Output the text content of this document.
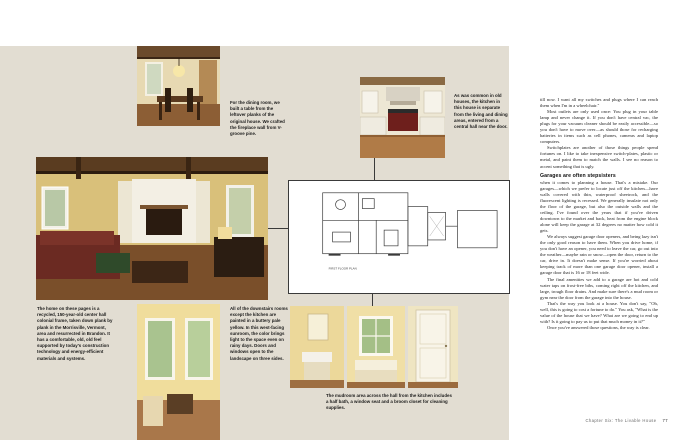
For the dining room, we built a table from the leftover planks of the original house. We crafted the fireplace wall from V-groove pine.

As was common in old houses, the kitchen in this house is separate from the living and dining areas, entered from a central hall near the door.

The home on these pages is a recycled, 150-year-old center hall colonial frame, taken down plank by plank in the Morrisville, Vermont, area and resurrected in Brandon. It has a comfortable, old, old feel supported by today's construction technology and energy-efficient materials and systems.

All of the downstairs rooms except the kitchen are painted in a buttery pale yellow. In this west-facing sunroom, the color brings light to the space even on rainy days. Doors and windows open to the landscape on three sides.

The mudroom area across the hall from the kitchen includes a half bath, a window seat and a broom closet for cleaning supplies.

FIRST FLOOR PLAN

till now. I want all my switches and plugs where I can reach them when I'm in a wheelchair."

Most outlets are only used once: You plug in your table lamp and never change it. If you don't have central vac, the plugs for your vacuum cleaner should be easily accessible—so you don't have to move over—as should those for recharging batteries in items such as cell phones, cameras and laptop computers.

Switchplates are another of those things people spend fortunes on. I like to take inexpensive switch-plates, plastic or metal, and paint them to match the walls. I see no reason to accent something that is ugly.

Garages are often stepsisters

when it comes to planning a house. That's a mistake. Our garages—which we prefer to locate just off the kitchen—have walls covered with thin, waterproof sheetrock, and the fluorescent lighting is recessed. We generally insulate not only the floor of the garage, but also the outside walls and the ceiling. I've found over the years that if you've driven downtown to the market and back, heat from the engine block alone will keep the garage at 32 degrees no matter how cold it gets.

We always suggest garage door openers, and being lazy isn't the only good reason to have them. When you drive home, if you don't have an opener, you need to leave the car, go out into the weather—maybe rain or snow—open the door, return to the car, drive in. It doesn't make sense. If you're worried about keeping track of more than one garage door opener, install a garage door that is 16 or 18 feet wide.

The final amenities we add to a garage are hot and cold water taps on frost-free bibs, coming right off the kitchen, and large, trough floor drains. And make sure there's a mud room or gym near the door from the garage into the house.

That's the way you look at a house. You don't say, "Oh, well, this is going to cost a fortune to do." You ask, "What is the value of the house that we have? What are we going to end up with? Is it going to pay us to put that much money in it?"

Once you've answered those questions, the way is clear.

Chapter Six: The Livable House 77
